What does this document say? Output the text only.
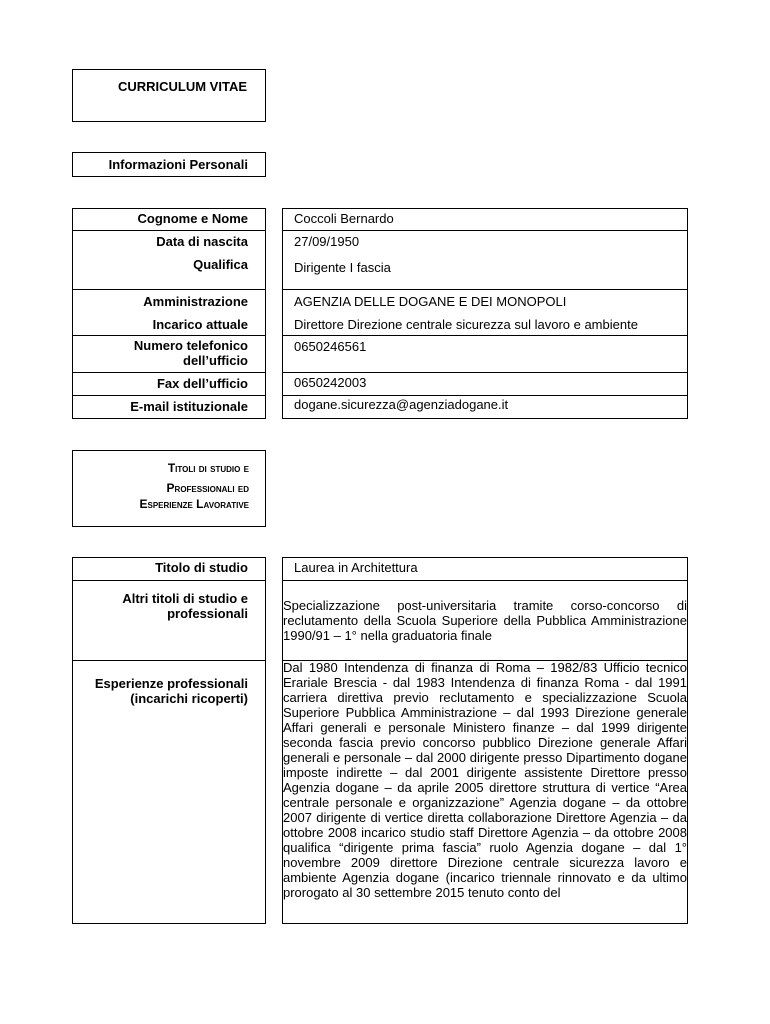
CURRICULUM VITAE
Informazioni Personali
Cognome e Nome
Data di nascita
Qualifica
Amministrazione
Incarico attuale
Numero telefonico
dell’ufficio
Fax dell’ufficio
E-mail istituzionale
Coccoli Bernardo
27/09/1950
Dirigente I fascia
AGENZIA DELLE DOGANE E DEI MONOPOLI
Direttore Direzione centrale sicurezza sul lavoro e ambiente
0650246561
0650242003
dogane.sicurezza@agenziadogane.it
Titoli di studio e
Professionali ed
Esperienze Lavorative
Titolo di studio	Laurea in Architettura
Altri titoli di studio e
professionali
Specializzazione post-universitaria tramite corso-concorso di reclutamento della Scuola Superiore della Pubblica Amministrazione 1990/91 – 1° nella graduatoria finale
Esperienze professionali
(incarichi ricoperti)
Dal 1980 Intendenza di finanza di Roma – 1982/83 Ufficio tecnico Erariale Brescia - dal 1983 Intendenza di finanza Roma - dal 1991 carriera direttiva previo reclutamento e specializzazione Scuola Superiore Pubblica Amministrazione – dal 1993 Direzione generale Affari generali e personale Ministero finanze – dal 1999 dirigente seconda fascia previo concorso pubblico Direzione generale Affari generali e personale – dal 2000 dirigente presso Dipartimento dogane imposte indirette – dal 2001 dirigente assistente Direttore presso Agenzia dogane – da aprile 2005 direttore struttura di vertice “Area centrale personale e organizzazione” Agenzia dogane – da ottobre 2007 dirigente di vertice diretta collaborazione Direttore Agenzia – da ottobre 2008 incarico studio staff Direttore Agenzia – da ottobre 2008 qualifica “dirigente prima fascia” ruolo Agenzia dogane – dal 1° novembre 2009 direttore Direzione centrale sicurezza lavoro e ambiente Agenzia dogane (incarico triennale rinnovato e da ultimo prorogato al 30 settembre 2015 tenuto conto del
